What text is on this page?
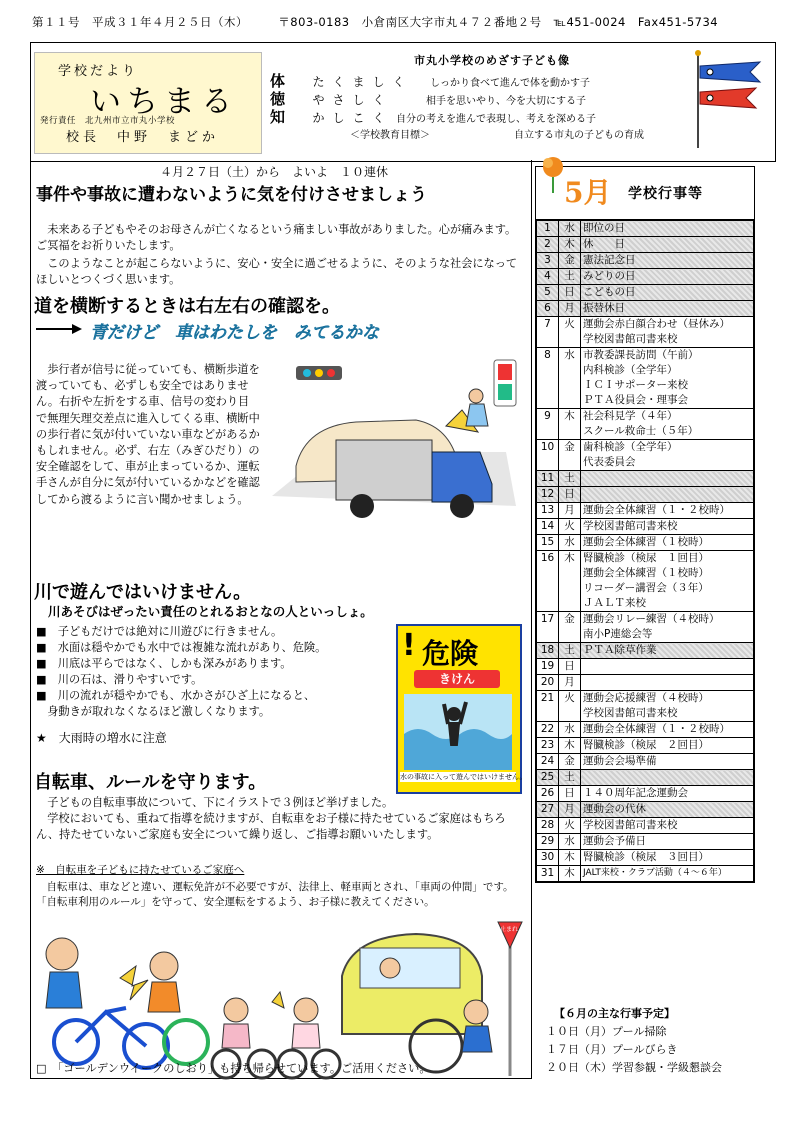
第１１号　平成３１年４月２５日（木）　　　〒803-0183　小倉南区大字市丸４７２番地２号　℡451-0024　Fax451-5734
学校だより
いちまる
発行責任　北九州市立市丸小学校
校長　中野　まどか
市丸小学校のめざす子ども像
体 たくましく しっかり食べて進んで体を動かす子
徳 やさしく	相手を思いやり、今を大切にする子
知 かしこく 自分の考えを進んで表現し、考えを深める子
＜学校教育目標＞	自立する市丸の子どもの育成
４月２７日（土）から　よいよ　１０連休
事件や事故に遭わないように気を付けさせましょう
　未来ある子どもやそのお母さんが亡くなるという痛ましい事故がありました。心が痛みます。ご冥福をお祈りいたします。
　このようなことが起こらないように、安心・安全に過ごせるように、そのような社会になってほしいとつくづく思います。
道を横断するときは右左右の確認を。
青だけど　車はわたしを　みてるかな
　歩行者が信号に従っていても、横断歩道を渡っていても、必ずしも安全ではありません。右折や左折をする車、信号の変わり目で無理矢理交差点に進入してくる車、横断中の歩行者に気が付いていない車などがあるかもしれません。必ず、右左（みぎひだり）の安全確認をして、車が止まっているか、運転手さんが自分に気が付いているかなどを確認してから渡るように言い聞かせましょう。
川で遊んではいけません。
川あそびはぜったい責任のとれるおとなの人といっしょ。
■　子どもだけでは絶対に川遊びに行きません。
■　水面は穏やかでも水中では複雑な流れがあり、危険。
■　川底は平らではなく、しかも深みがあります。
■　川の石は、滑りやすいです。
■　川の流れが穏やかでも、水かさがひざ上になると、
　身動きが取れなくなるほど激しくなります。
★　大雨時の増水に注意
! 危険
きけん
水の事故に入って遊んではいけません。
自転車、ルールを守ります。
　子どもの自転車事故について、下にイラストで３例ほど挙げました。
　学校においても、重ねて指導を続けますが、自転車をお子様に持たせているご家庭はもちろん、持たせていないご家庭も安全について繰り返し、ご指導お願いいたします。
※　自転車を子どもに持たせているご家庭へ
　自転車は、車などと違い、運転免許が不必要ですが、法律上、軽車両とされ、「車両の仲間」です。「自転車利用のルール」を守って、安全運転をするよう、お子様に教えてください。
止まれ
□　「ゴールデンウイークのしおり」も持ち帰らせています。ご活用ください。
5月 学校行事等
1	水	即位の日

2	木	休　　日

3	金	憲法記念日

4	土	みどりの日

5	日	こどもの日

6	月	振替休日

7	火	運動会赤白顔合わせ（昼休み）
学校図書館司書来校

8	水	市教委課長訪問（午前）
内科検診（全学年）
ＩＣＩサポーター来校
ＰＴＡ役員会・理事会

9	木	社会科見学（４年）
スクール救命士（５年）

10	金	歯科検診（全学年）
代表委員会

11	土	

12	日	

13	月	運動会全体練習（１・２校時）

14	火	学校図書館司書来校

15	水	運動会全体練習（１校時）

16	木	腎臓検診（検尿　１回目）
運動会全体練習（１校時）
リコーダー講習会（３年）
ＪＡＬＴ来校

17	金	運動会リレー練習（４校時）
南小P連総会等

18	土	ＰＴＡ除草作業

19	日	

20	月	

21	火	運動会応援練習（４校時）
学校図書館司書来校

22	水	運動会全体練習（１・２校時）

23	木	腎臓検診（検尿　２回目）

24	金	運動会会場準備

25	土	

26	日	１４０周年記念運動会

27	月	運動会の代休

28	火	学校図書館司書来校

29	水	運動会予備日

30	木	腎臓検診（検尿　３回目）

31	木	JALT来校・クラブ活動（４～６年）
【６月の主な行事予定】
１０日（月）プール掃除
１７日（月）プールびらき
２０日（木）学習参観・学級懇談会
